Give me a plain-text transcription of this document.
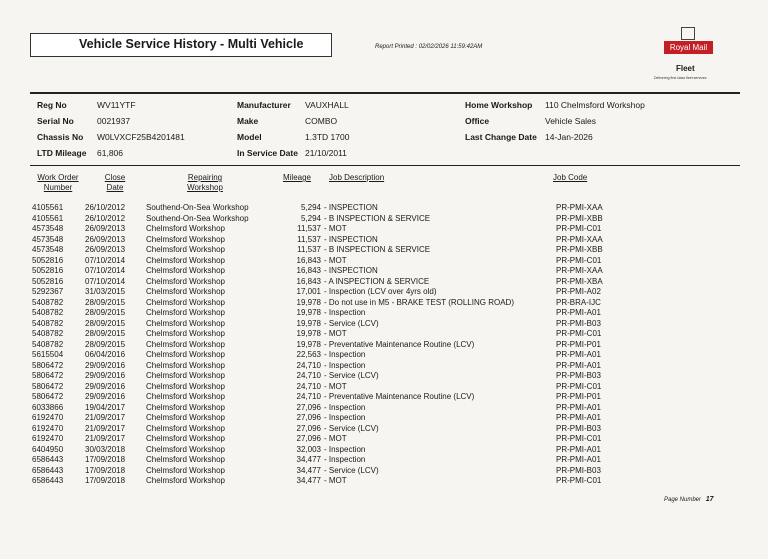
Vehicle Service History - Multi Vehicle	Report Printed : 02/02/2026 11:59:42AM	Royal Mail
Fleet
Delivering first class fleet services
Reg No	WV11YTF
Serial No	0021937
Chassis No	W0LVXCF25B4201481
LTD Mileage	61,806
Manufacturer	VAUXHALL
Make	COMBO
Model	1.3TD 1700
In Service Date 21/10/2011
Home Workshop	110 Chelmsford Workshop
Office	Vehicle Sales
Last Change Date 14-Jan-2026
Work Order
Number
Close
Date
Repairing
Workshop
Mileage	Job Description	Job Code
4105561	26/10/2012	Southend-On-Sea Workshop	5,294 - INSPECTION	PR-PMI-XAA
4105561	26/10/2012	Southend-On-Sea Workshop	5,294 - B INSPECTION & SERVICE	PR-PMI-XBB
4573548	26/09/2013	Chelmsford Workshop	11,537 - MOT	PR-PMI-C01
4573548	26/09/2013	Chelmsford Workshop	11,537 - INSPECTION	PR-PMI-XAA
4573548	26/09/2013	Chelmsford Workshop	11,537 - B INSPECTION & SERVICE	PR-PMI-XBB
5052816	07/10/2014	Chelmsford Workshop	16,843 - MOT	PR-PMI-C01
5052816	07/10/2014	Chelmsford Workshop	16,843 - INSPECTION	PR-PMI-XAA
5052816	07/10/2014	Chelmsford Workshop	16,843 - A INSPECTION & SERVICE	PR-PMI-XBA
5292367	31/03/2015	Chelmsford Workshop	17,001 - Inspection (LCV over 4yrs old)	PR-PMI-A02
5408782	28/09/2015	Chelmsford Workshop	19,978 - Do not use in M5 - BRAKE TEST (ROLLING ROAD)	PR-BRA-IJC
5408782	28/09/2015	Chelmsford Workshop	19,978 - Inspection	PR-PMI-A01
5408782	28/09/2015	Chelmsford Workshop	19,978 - Service (LCV)	PR-PMI-B03
5408782	28/09/2015	Chelmsford Workshop	19,978 - MOT	PR-PMI-C01
5408782	28/09/2015	Chelmsford Workshop	19,978 - Preventative Maintenance Routine (LCV)	PR-PMI-P01
5615504	06/04/2016	Chelmsford Workshop	22,563 - Inspection	PR-PMI-A01
5806472	29/09/2016	Chelmsford Workshop	24,710 - Inspection	PR-PMI-A01
5806472	29/09/2016	Chelmsford Workshop	24,710 - Service (LCV)	PR-PMI-B03
5806472	29/09/2016	Chelmsford Workshop	24,710 - MOT	PR-PMI-C01
5806472	29/09/2016	Chelmsford Workshop	24,710 - Preventative Maintenance Routine (LCV)	PR-PMI-P01
6033866	19/04/2017	Chelmsford Workshop	27,096 - Inspection	PR-PMI-A01
6192470	21/09/2017	Chelmsford Workshop	27,096 - Inspection	PR-PMI-A01
6192470	21/09/2017	Chelmsford Workshop	27,096 - Service (LCV)	PR-PMI-B03
6192470	21/09/2017	Chelmsford Workshop	27,096 - MOT	PR-PMI-C01
6404950	30/03/2018	Chelmsford Workshop	32,003 - Inspection	PR-PMI-A01
6586443	17/09/2018	Chelmsford Workshop	34,477 - Inspection	PR-PMI-A01
6586443	17/09/2018	Chelmsford Workshop	34,477 - Service (LCV)	PR-PMI-B03
6586443	17/09/2018	Chelmsford Workshop	34,477 - MOT	PR-PMI-C01
Page Number 17
